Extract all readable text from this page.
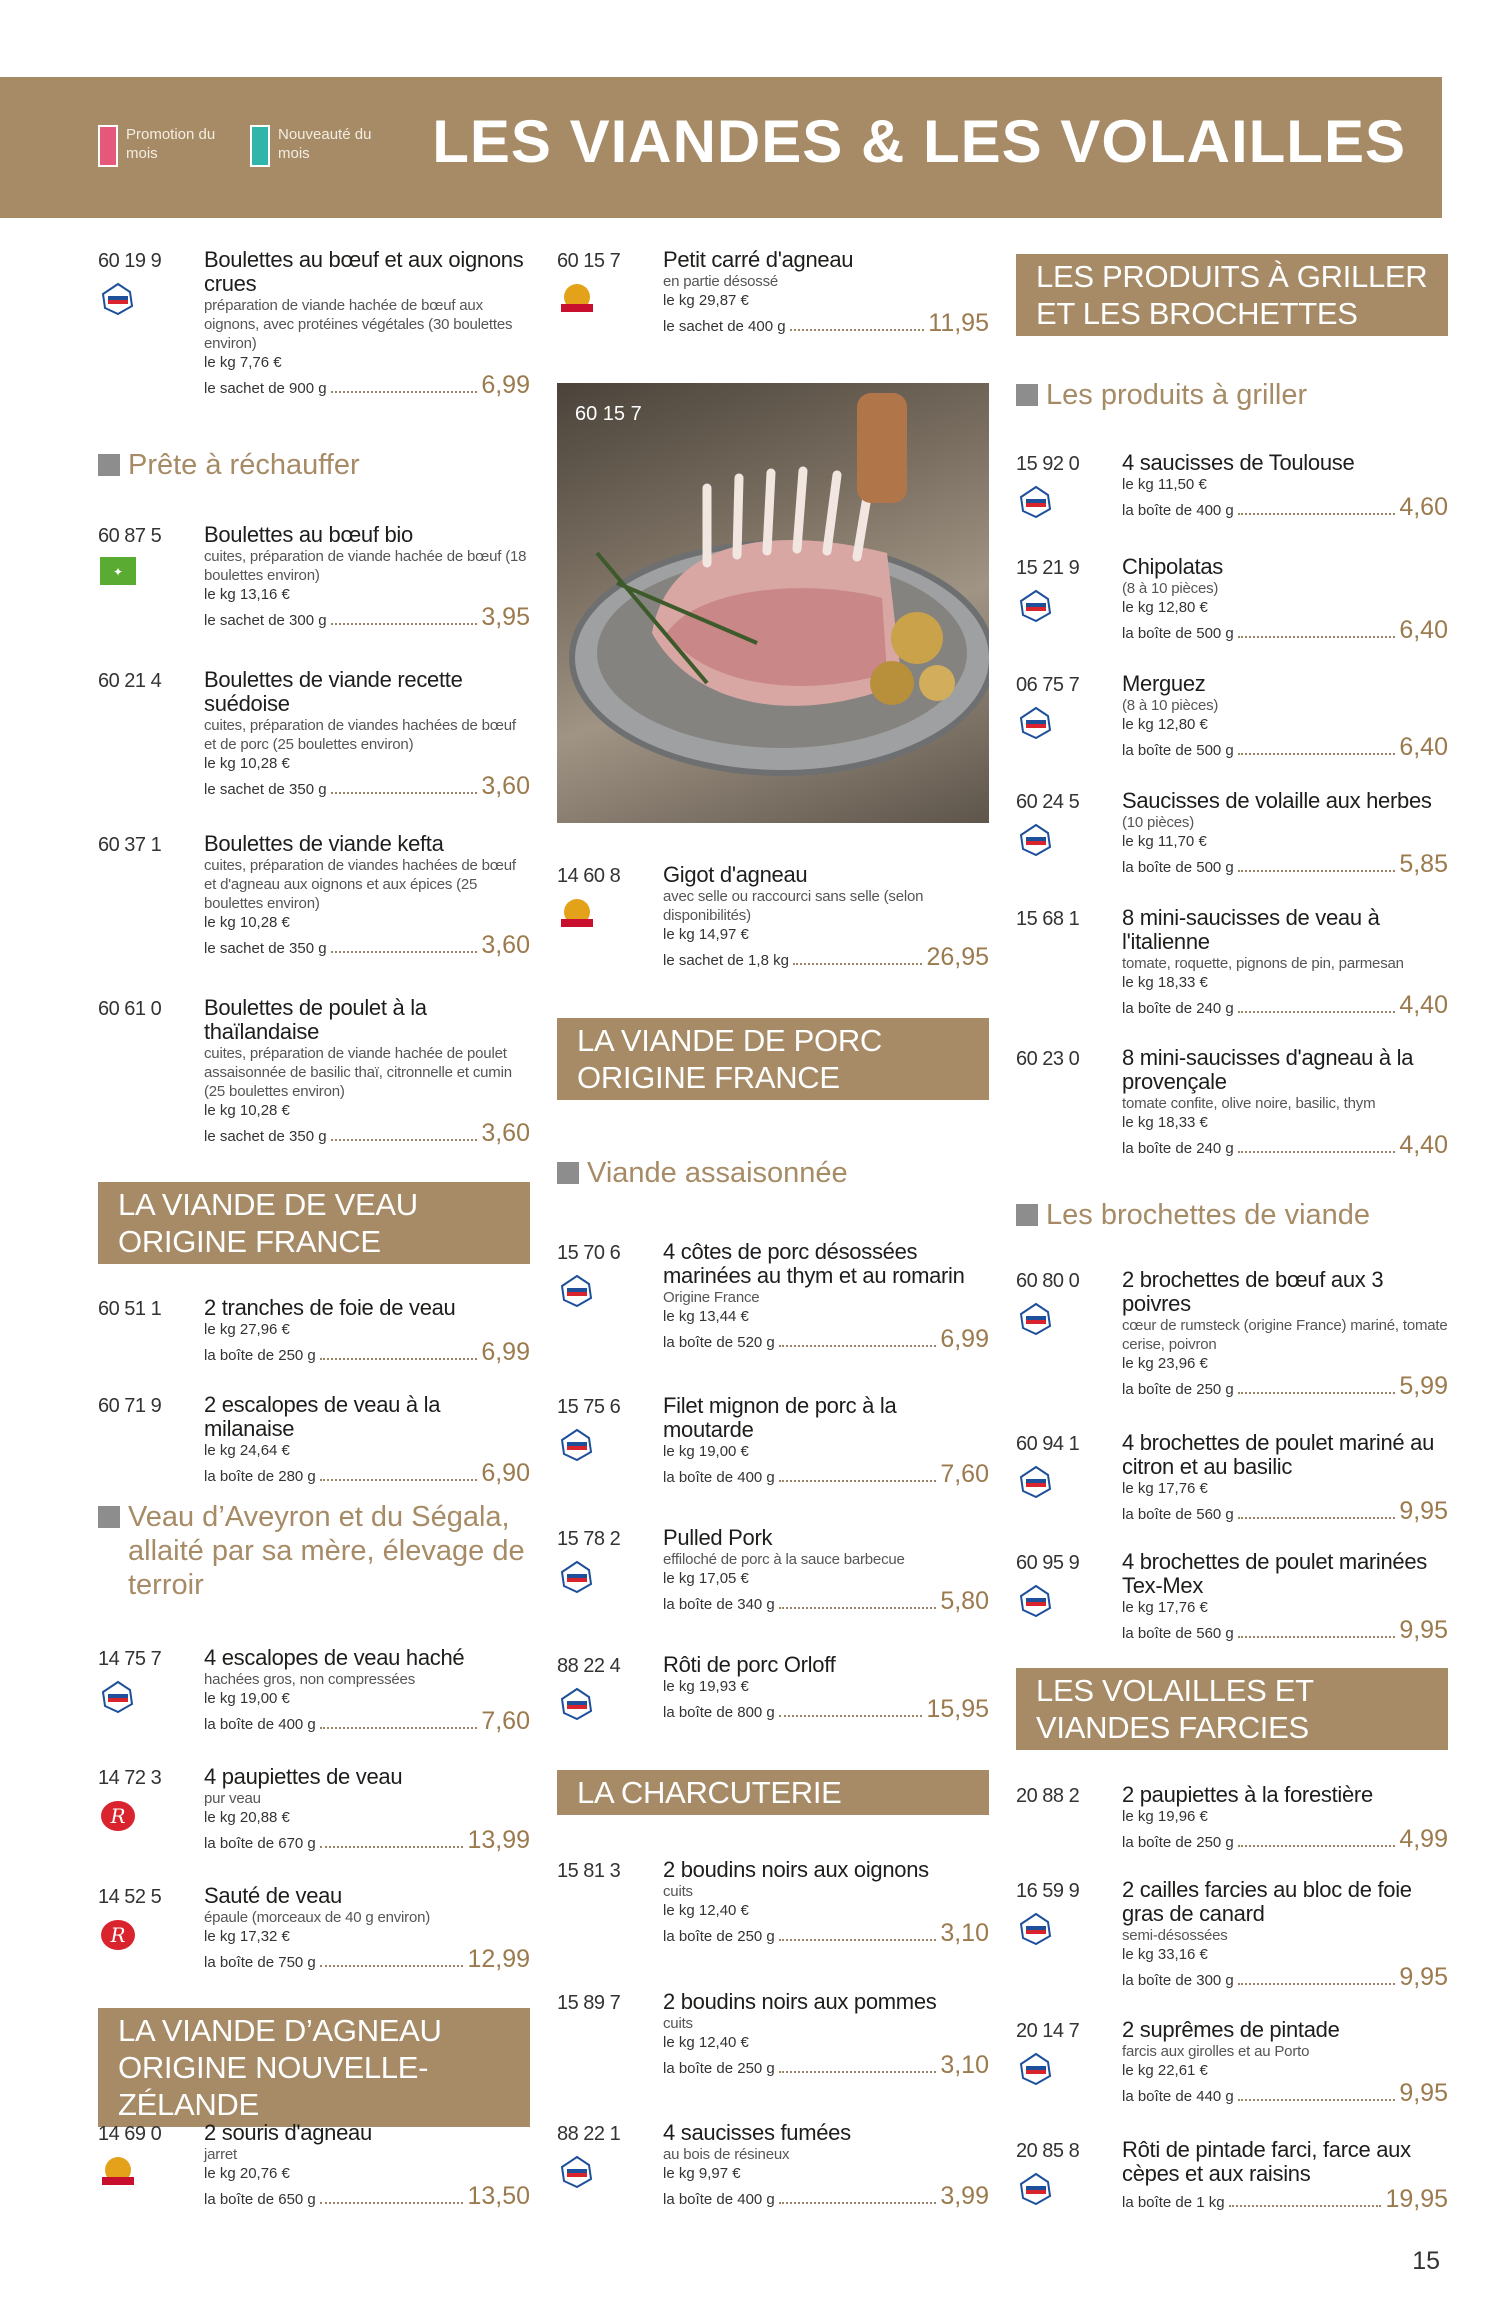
Promotion du mois
Nouveauté du mois	LES VIANDES & LES VOLAILLES
60 19 9 Boulettes au bœuf et aux oignons crues
préparation de viande hachée de bœuf aux oignons, avec protéines végétales (30 boulettes environ)
le kg 7,76 €
le sachet de 900 g	6,99
Prête à réchauffer
60 87 5 Boulettes au bœuf bio
cuites, préparation de viande hachée de bœuf (18 boulettes environ)
le kg 13,16 €
le sachet de 300 g	3,95
60 21 4 Boulettes de viande recette suédoise
cuites, préparation de viandes hachées de bœuf et de porc (25 boulettes environ)
le kg 10,28 €
le sachet de 350 g	3,60
60 37 1 Boulettes de viande kefta
cuites, préparation de viandes hachées de bœuf et d'agneau aux oignons et aux épices (25 boulettes environ)
le kg 10,28 €
le sachet de 350 g	3,60
60 61 0 Boulettes de poulet à la thaïlandaise
cuites, préparation de viande hachée de poulet assaisonnée de basilic thaï, citronnelle et cumin (25 boulettes environ)
le kg 10,28 €
le sachet de 350 g	3,60
LA VIANDE DE VEAU ORIGINE FRANCE
60 51 1 2 tranches de foie de veau
le kg 27,96 €
la boîte de 250 g	6,99
60 71 9 2 escalopes de veau à la milanaise
le kg 24,64 €
la boîte de 280 g	6,90
Veau d’Aveyron et du Ségala, allaité par sa mère, élevage de terroir
14 75 7 4 escalopes de veau haché
hachées gros, non compressées
le kg 19,00 €
la boîte de 400 g	7,60
14 72 3 4 paupiettes de veau
pur veau
le kg 20,88 €
la boîte de 670 g	13,99
14 52 5 Sauté de veau
épaule (morceaux de 40 g environ)
le kg 17,32 €
la boîte de 750 g	12,99
LA VIANDE D’AGNEAU ORIGINE NOUVELLE-ZÉLANDE
14 69 0 2 souris d'agneau
jarret
le kg 20,76 €
la boîte de 650 g	13,50
60 15 7 Petit carré d'agneau
en partie désossé
le kg 29,87 €
le sachet de 400 g	11,95
60 15 7
14 60 8 Gigot d'agneau
avec selle ou raccourci sans selle (selon disponibilités)
le kg 14,97 €
le sachet de 1,8 kg	26,95
LA VIANDE DE PORC ORIGINE FRANCE
Viande assaisonnée
15 70 6 4 côtes de porc désossées marinées au thym et au romarin
Origine France
le kg 13,44 €
la boîte de 520 g	6,99
15 75 6 Filet mignon de porc à la moutarde
le kg 19,00 €
la boîte de 400 g	7,60
15 78 2 Pulled Pork
effiloché de porc à la sauce barbecue
le kg 17,05 €
la boîte de 340 g	5,80
88 22 4 Rôti de porc Orloff
le kg 19,93 €
la boîte de 800 g	15,95
LA CHARCUTERIE
15 81 3 2 boudins noirs aux oignons
cuits
le kg 12,40 €
la boîte de 250 g	3,10
15 89 7 2 boudins noirs aux pommes
cuits
le kg 12,40 €
la boîte de 250 g	3,10
88 22 1 4 saucisses fumées
au bois de résineux
le kg 9,97 €
la boîte de 400 g	3,99
LES PRODUITS À GRILLER ET LES BROCHETTES
Les produits à griller
15 92 0 4 saucisses de Toulouse
le kg 11,50 €
la boîte de 400 g	4,60
15 21 9 Chipolatas
(8 à 10 pièces)
le kg 12,80 €
la boîte de 500 g	6,40
06 75 7 Merguez
(8 à 10 pièces)
le kg 12,80 €
la boîte de 500 g	6,40
60 24 5 Saucisses de volaille aux herbes
(10 pièces)
le kg 11,70 €
la boîte de 500 g	5,85
15 68 1 8 mini-saucisses de veau à l'italienne
tomate, roquette, pignons de pin, parmesan
le kg 18,33 €
la boîte de 240 g	4,40
60 23 0 8 mini-saucisses d'agneau à la provençale
tomate confite, olive noire, basilic, thym
le kg 18,33 €
la boîte de 240 g	4,40
Les brochettes de viande
60 80 0 2 brochettes de bœuf aux 3 poivres
cœur de rumsteck (origine France) mariné, tomate cerise, poivron
le kg 23,96 €
la boîte de 250 g	5,99
60 94 1 4 brochettes de poulet mariné au citron et au basilic
le kg 17,76 €
la boîte de 560 g	9,95
60 95 9 4 brochettes de poulet marinées Tex-Mex
le kg 17,76 €
la boîte de 560 g	9,95
LES VOLAILLES ET VIANDES FARCIES
20 88 2 2 paupiettes à la forestière
le kg 19,96 €
la boîte de 250 g	4,99
16 59 9 2 cailles farcies au bloc de foie gras de canard
semi-désossées
le kg 33,16 €
la boîte de 300 g	9,95
20 14 7 2 suprêmes de pintade
farcis aux girolles et au Porto
le kg 22,61 €
la boîte de 440 g	9,95
20 85 8 Rôti de pintade farci, farce aux cèpes et aux raisins
la boîte de 1 kg	19,95
15
